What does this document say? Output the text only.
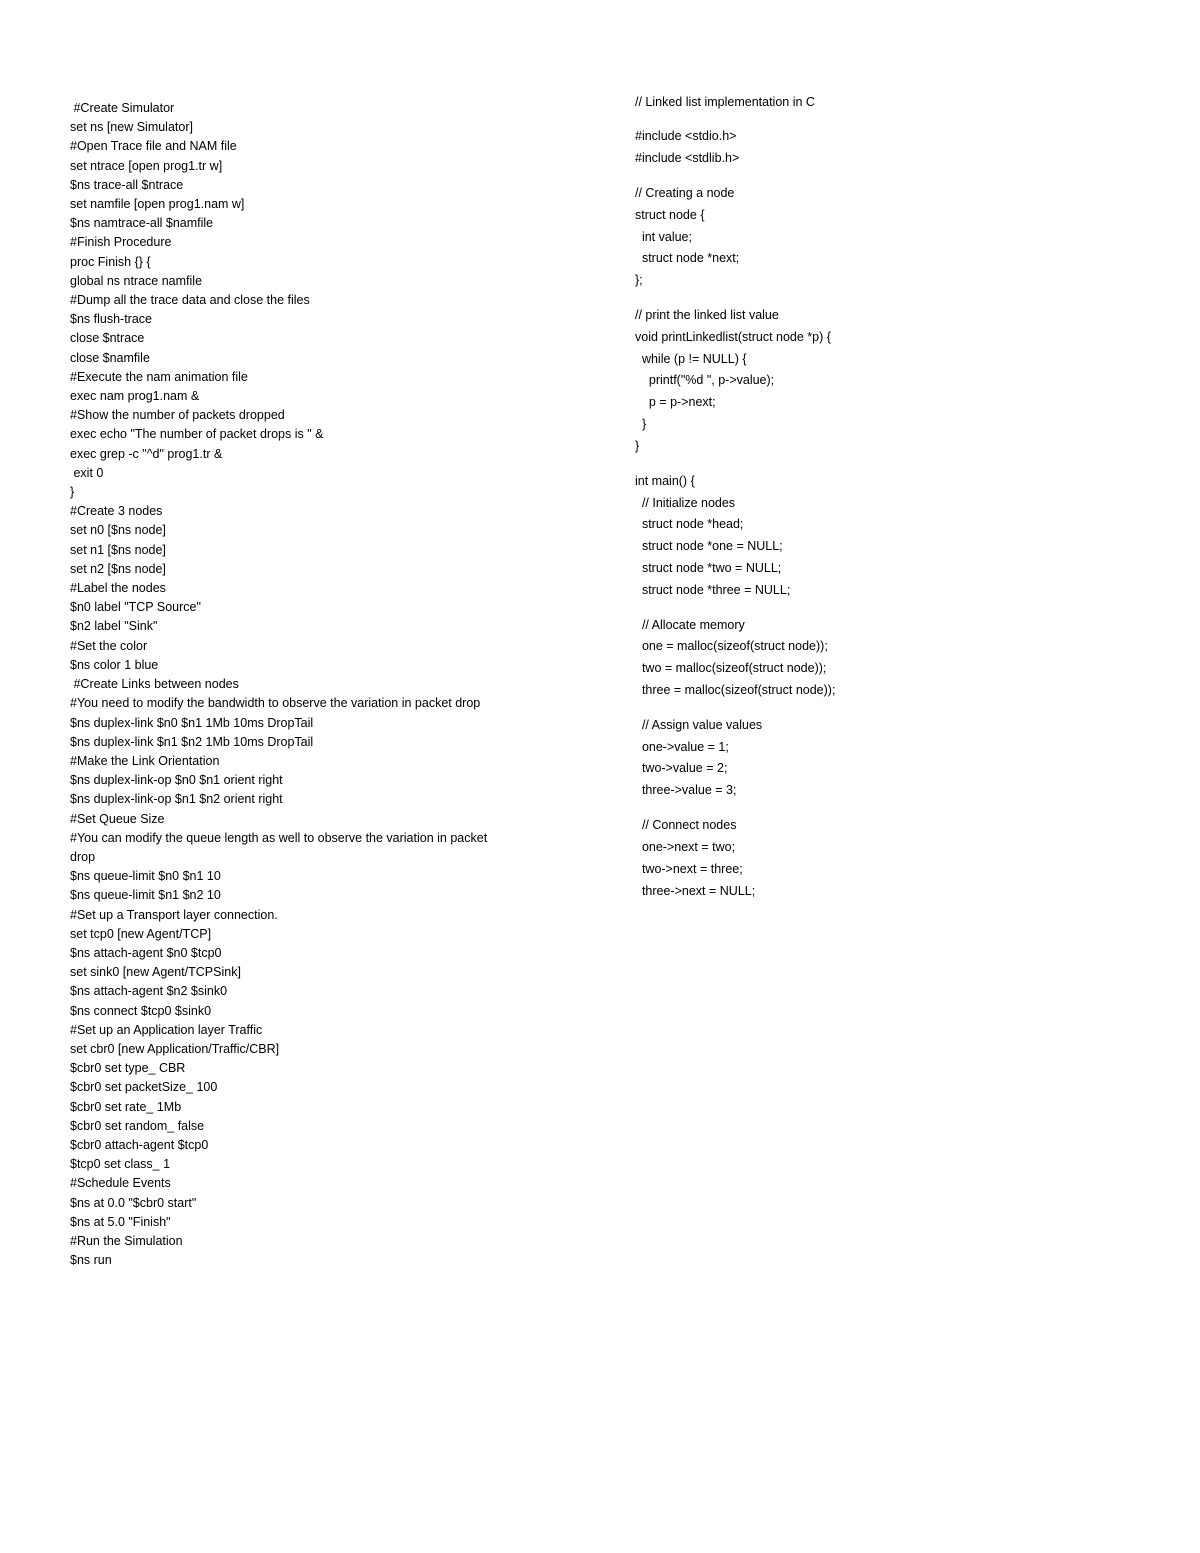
#Create Simulator
set ns [new Simulator]
#Open Trace file and NAM file
set ntrace [open prog1.tr w]
$ns trace-all $ntrace
set namfile [open prog1.nam w]
$ns namtrace-all $namfile
#Finish Procedure
proc Finish {} {
global ns ntrace namfile
#Dump all the trace data and close the files
$ns flush-trace
close $ntrace
close $namfile
#Execute the nam animation file
exec nam prog1.nam &
#Show the number of packets dropped
exec echo "The number of packet drops is " &
exec grep -c "^d" prog1.tr &
exit 0
}
#Create 3 nodes
set n0 [$ns node]
set n1 [$ns node]
set n2 [$ns node]
#Label the nodes
$n0 label "TCP Source"
$n2 label "Sink"
#Set the color
$ns color 1 blue
#Create Links between nodes
#You need to modify the bandwidth to observe the variation in packet drop
$ns duplex-link $n0 $n1 1Mb 10ms DropTail
$ns duplex-link $n1 $n2 1Mb 10ms DropTail
#Make the Link Orientation
$ns duplex-link-op $n0 $n1 orient right
$ns duplex-link-op $n1 $n2 orient right
#Set Queue Size
#You can modify the queue length as well to observe the variation in packet
drop
$ns queue-limit $n0 $n1 10
$ns queue-limit $n1 $n2 10
#Set up a Transport layer connection.
set tcp0 [new Agent/TCP]
$ns attach-agent $n0 $tcp0
set sink0 [new Agent/TCPSink]
$ns attach-agent $n2 $sink0
$ns connect $tcp0 $sink0
#Set up an Application layer Traffic
set cbr0 [new Application/Traffic/CBR]
$cbr0 set type_ CBR
$cbr0 set packetSize_ 100
$cbr0 set rate_ 1Mb
$cbr0 set random_ false
$cbr0 attach-agent $tcp0
$tcp0 set class_ 1
#Schedule Events
$ns at 0.0 "$cbr0 start"
$ns at 5.0 "Finish"
#Run the Simulation
$ns run
// Linked list implementation in C
#include <stdio.h>
#include <stdlib.h>
// Creating a node
struct node {
int value;
struct node *next;
};
// print the linked list value
void printLinkedlist(struct node *p) {
while (p != NULL) {
printf("%d ", p->value);
p = p->next;
}
}
int main() {
// Initialize nodes
struct node *head;
struct node *one = NULL;
struct node *two = NULL;
struct node *three = NULL;
// Allocate memory
one = malloc(sizeof(struct node));
two = malloc(sizeof(struct node));
three = malloc(sizeof(struct node));
// Assign value values
one->value = 1;
two->value = 2;
three->value = 3;
// Connect nodes
one->next = two;
two->next = three;
three->next = NULL;
